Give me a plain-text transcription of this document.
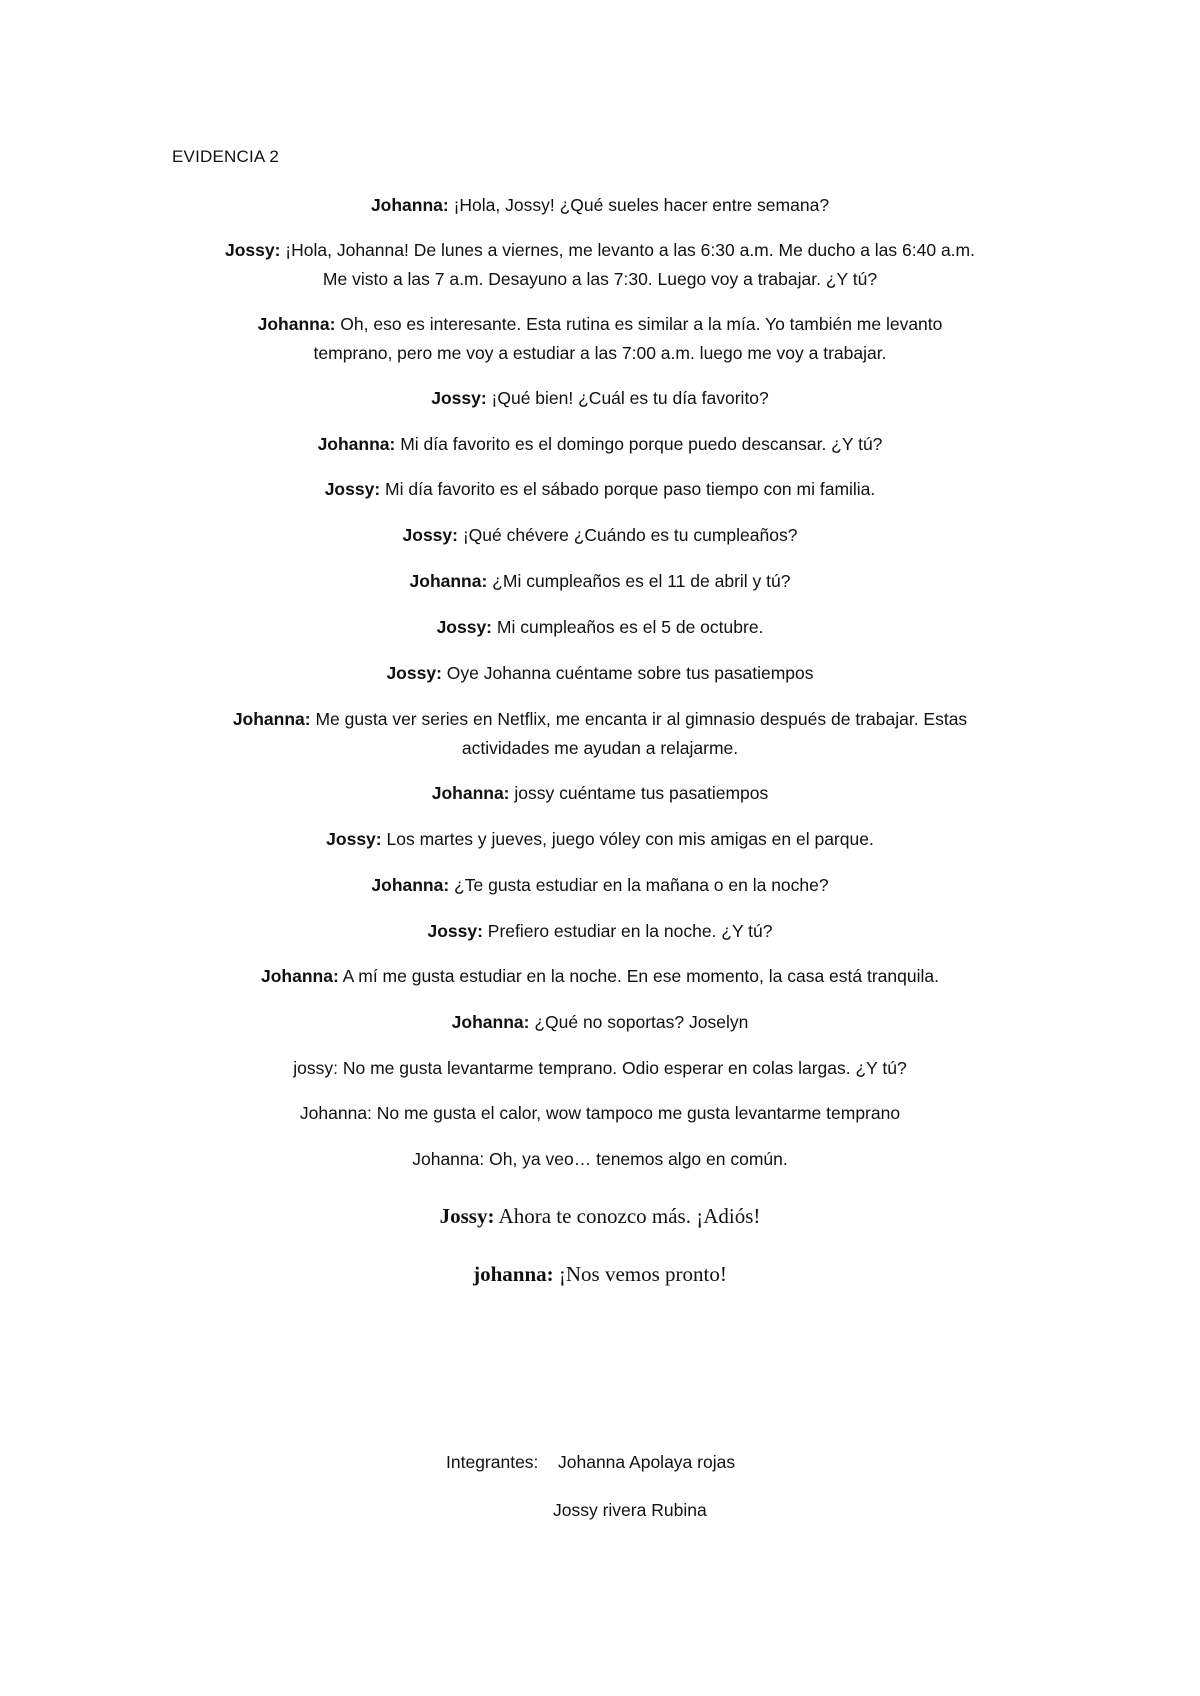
EVIDENCIA 2
Johanna: ¡Hola, Jossy! ¿Qué sueles hacer entre semana?
Jossy: ¡Hola, Johanna! De lunes a viernes, me levanto a las 6:30 a.m. Me ducho a las 6:40 a.m.
Me visto a las 7 a.m. Desayuno a las 7:30. Luego voy a trabajar. ¿Y tú?
Johanna: Oh, eso es interesante. Esta rutina es similar a la mía. Yo también me levanto
temprano, pero me voy a estudiar a las 7:00 a.m. luego me voy a trabajar.
Jossy: ¡Qué bien! ¿Cuál es tu día favorito?
Johanna: Mi día favorito es el domingo porque puedo descansar. ¿Y tú?
Jossy: Mi día favorito es el sábado porque paso tiempo con mi familia.
Jossy: ¡Qué chévere ¿Cuándo es tu cumpleaños?
Johanna: ¿Mi cumpleaños es el 11 de abril y tú?
Jossy: Mi cumpleaños es el 5 de octubre.
Jossy: Oye Johanna cuéntame sobre tus pasatiempos
Johanna: Me gusta ver series en Netflix, me encanta ir al gimnasio después de trabajar. Estas
actividades me ayudan a relajarme.
Johanna: jossy cuéntame tus pasatiempos
Jossy: Los martes y jueves, juego vóley con mis amigas en el parque.
Johanna: ¿Te gusta estudiar en la mañana o en la noche?
Jossy: Prefiero estudiar en la noche. ¿Y tú?
Johanna: A mí me gusta estudiar en la noche. En ese momento, la casa está tranquila.
Johanna: ¿Qué no soportas? Joselyn
jossy: No me gusta levantarme temprano. Odio esperar en colas largas. ¿Y tú?
Johanna: No me gusta el calor, wow tampoco me gusta levantarme temprano
Johanna: Oh, ya veo… tenemos algo en común.
Jossy: Ahora te conozco más. ¡Adiós!
johanna: ¡Nos vemos pronto!
Integrantes: Johanna Apolaya rojas
Jossy rivera Rubina
